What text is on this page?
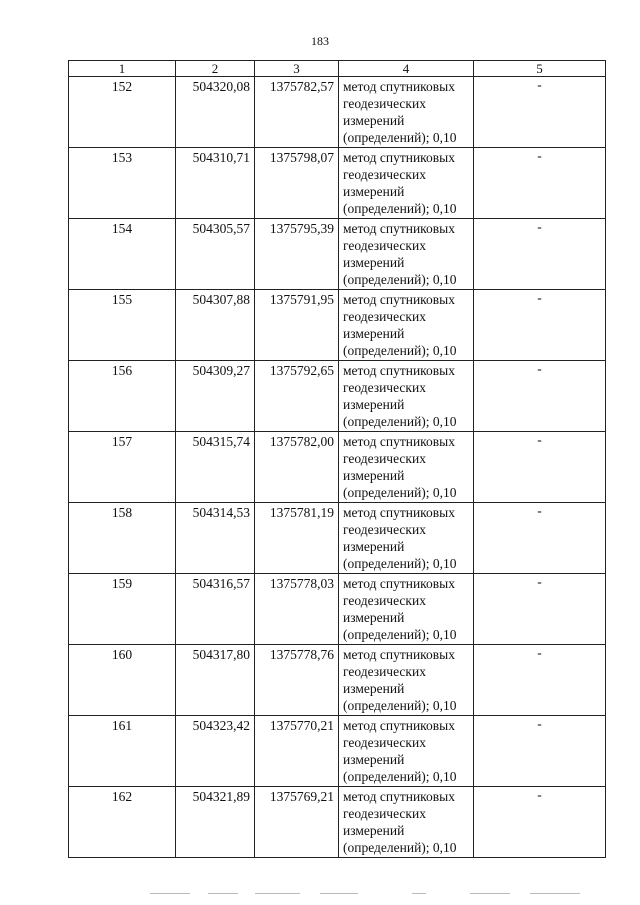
183
1	2	3	4	5
152	504320,08	1375782,57	метод спутниковых
геодезических
измерений
(определений); 0,10	-
153	504310,71	1375798,07	метод спутниковых
геодезических
измерений
(определений); 0,10	-
154	504305,57	1375795,39	метод спутниковых
геодезических
измерений
(определений); 0,10	-
155	504307,88	1375791,95	метод спутниковых
геодезических
измерений
(определений); 0,10	-
156	504309,27	1375792,65	метод спутниковых
геодезических
измерений
(определений); 0,10	-
157	504315,74	1375782,00	метод спутниковых
геодезических
измерений
(определений); 0,10	-
158	504314,53	1375781,19	метод спутниковых
геодезических
измерений
(определений); 0,10	-
159	504316,57	1375778,03	метод спутниковых
геодезических
измерений
(определений); 0,10	-
160	504317,80	1375778,76	метод спутниковых
геодезических
измерений
(определений); 0,10	-
161	504323,42	1375770,21	метод спутниковых
геодезических
измерений
(определений); 0,10	-
162	504321,89	1375769,21	метод спутниковых
геодезических
измерений
(определений); 0,10	-
